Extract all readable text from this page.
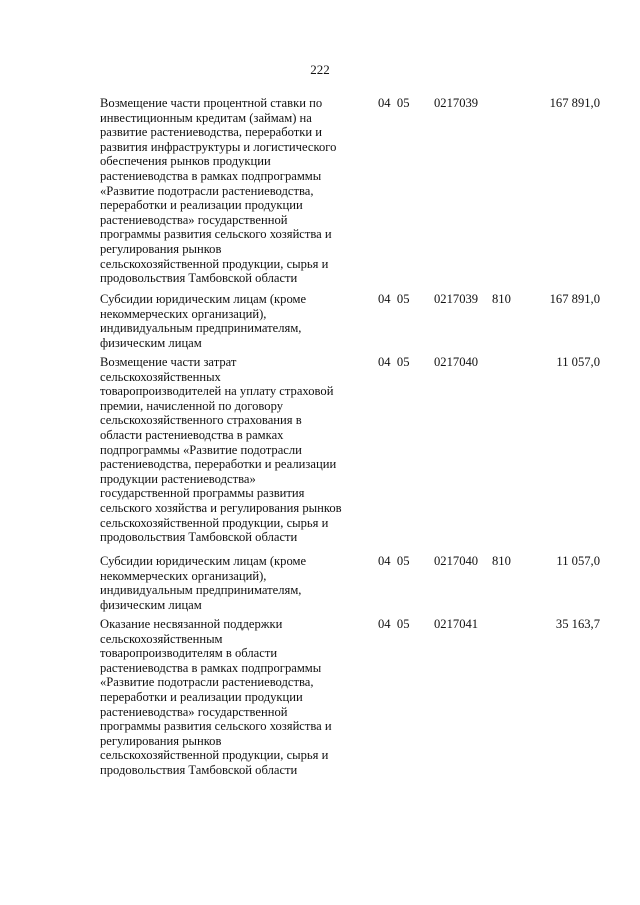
222
Возмещение части процентной ставки по
инвестиционным кредитам (займам) на
развитие растениеводства, переработки и
развития инфраструктуры и логистического
обеспечения рынков продукции
растениеводства в рамках подпрограммы
«Развитие подотрасли растениеводства,
переработки и реализации продукции
растениеводства» государственной
программы развития сельского хозяйства и
регулирования рынков
сельскохозяйственной продукции, сырья и
продовольствия Тамбовской области
04  05 0217039	167 891,0
Субсидии юридическим лицам (кроме
некоммерческих организаций),
индивидуальным предпринимателям,
физическим лицам
04  05 0217039 810	167 891,0
Возмещение части затрат
сельскохозяйственных
товаропроизводителей на уплату страховой
премии, начисленной по договору
сельскохозяйственного страхования в
области растениеводства в рамках
подпрограммы «Развитие подотрасли
растениеводства, переработки и реализации
продукции растениеводства»
государственной программы развития
сельского хозяйства и регулирования рынков
сельскохозяйственной продукции, сырья и
продовольствия Тамбовской области
04  05 0217040	11 057,0
Субсидии юридическим лицам (кроме
некоммерческих организаций),
индивидуальным предпринимателям,
физическим лицам
04  05 0217040 810	11 057,0
Оказание несвязанной поддержки
сельскохозяйственным
товаропроизводителям в области
растениеводства в рамках подпрограммы
«Развитие подотрасли растениеводства,
переработки и реализации продукции
растениеводства» государственной
программы развития сельского хозяйства и
регулирования рынков
сельскохозяйственной продукции, сырья и
продовольствия Тамбовской области
04  05 0217041	35 163,7
